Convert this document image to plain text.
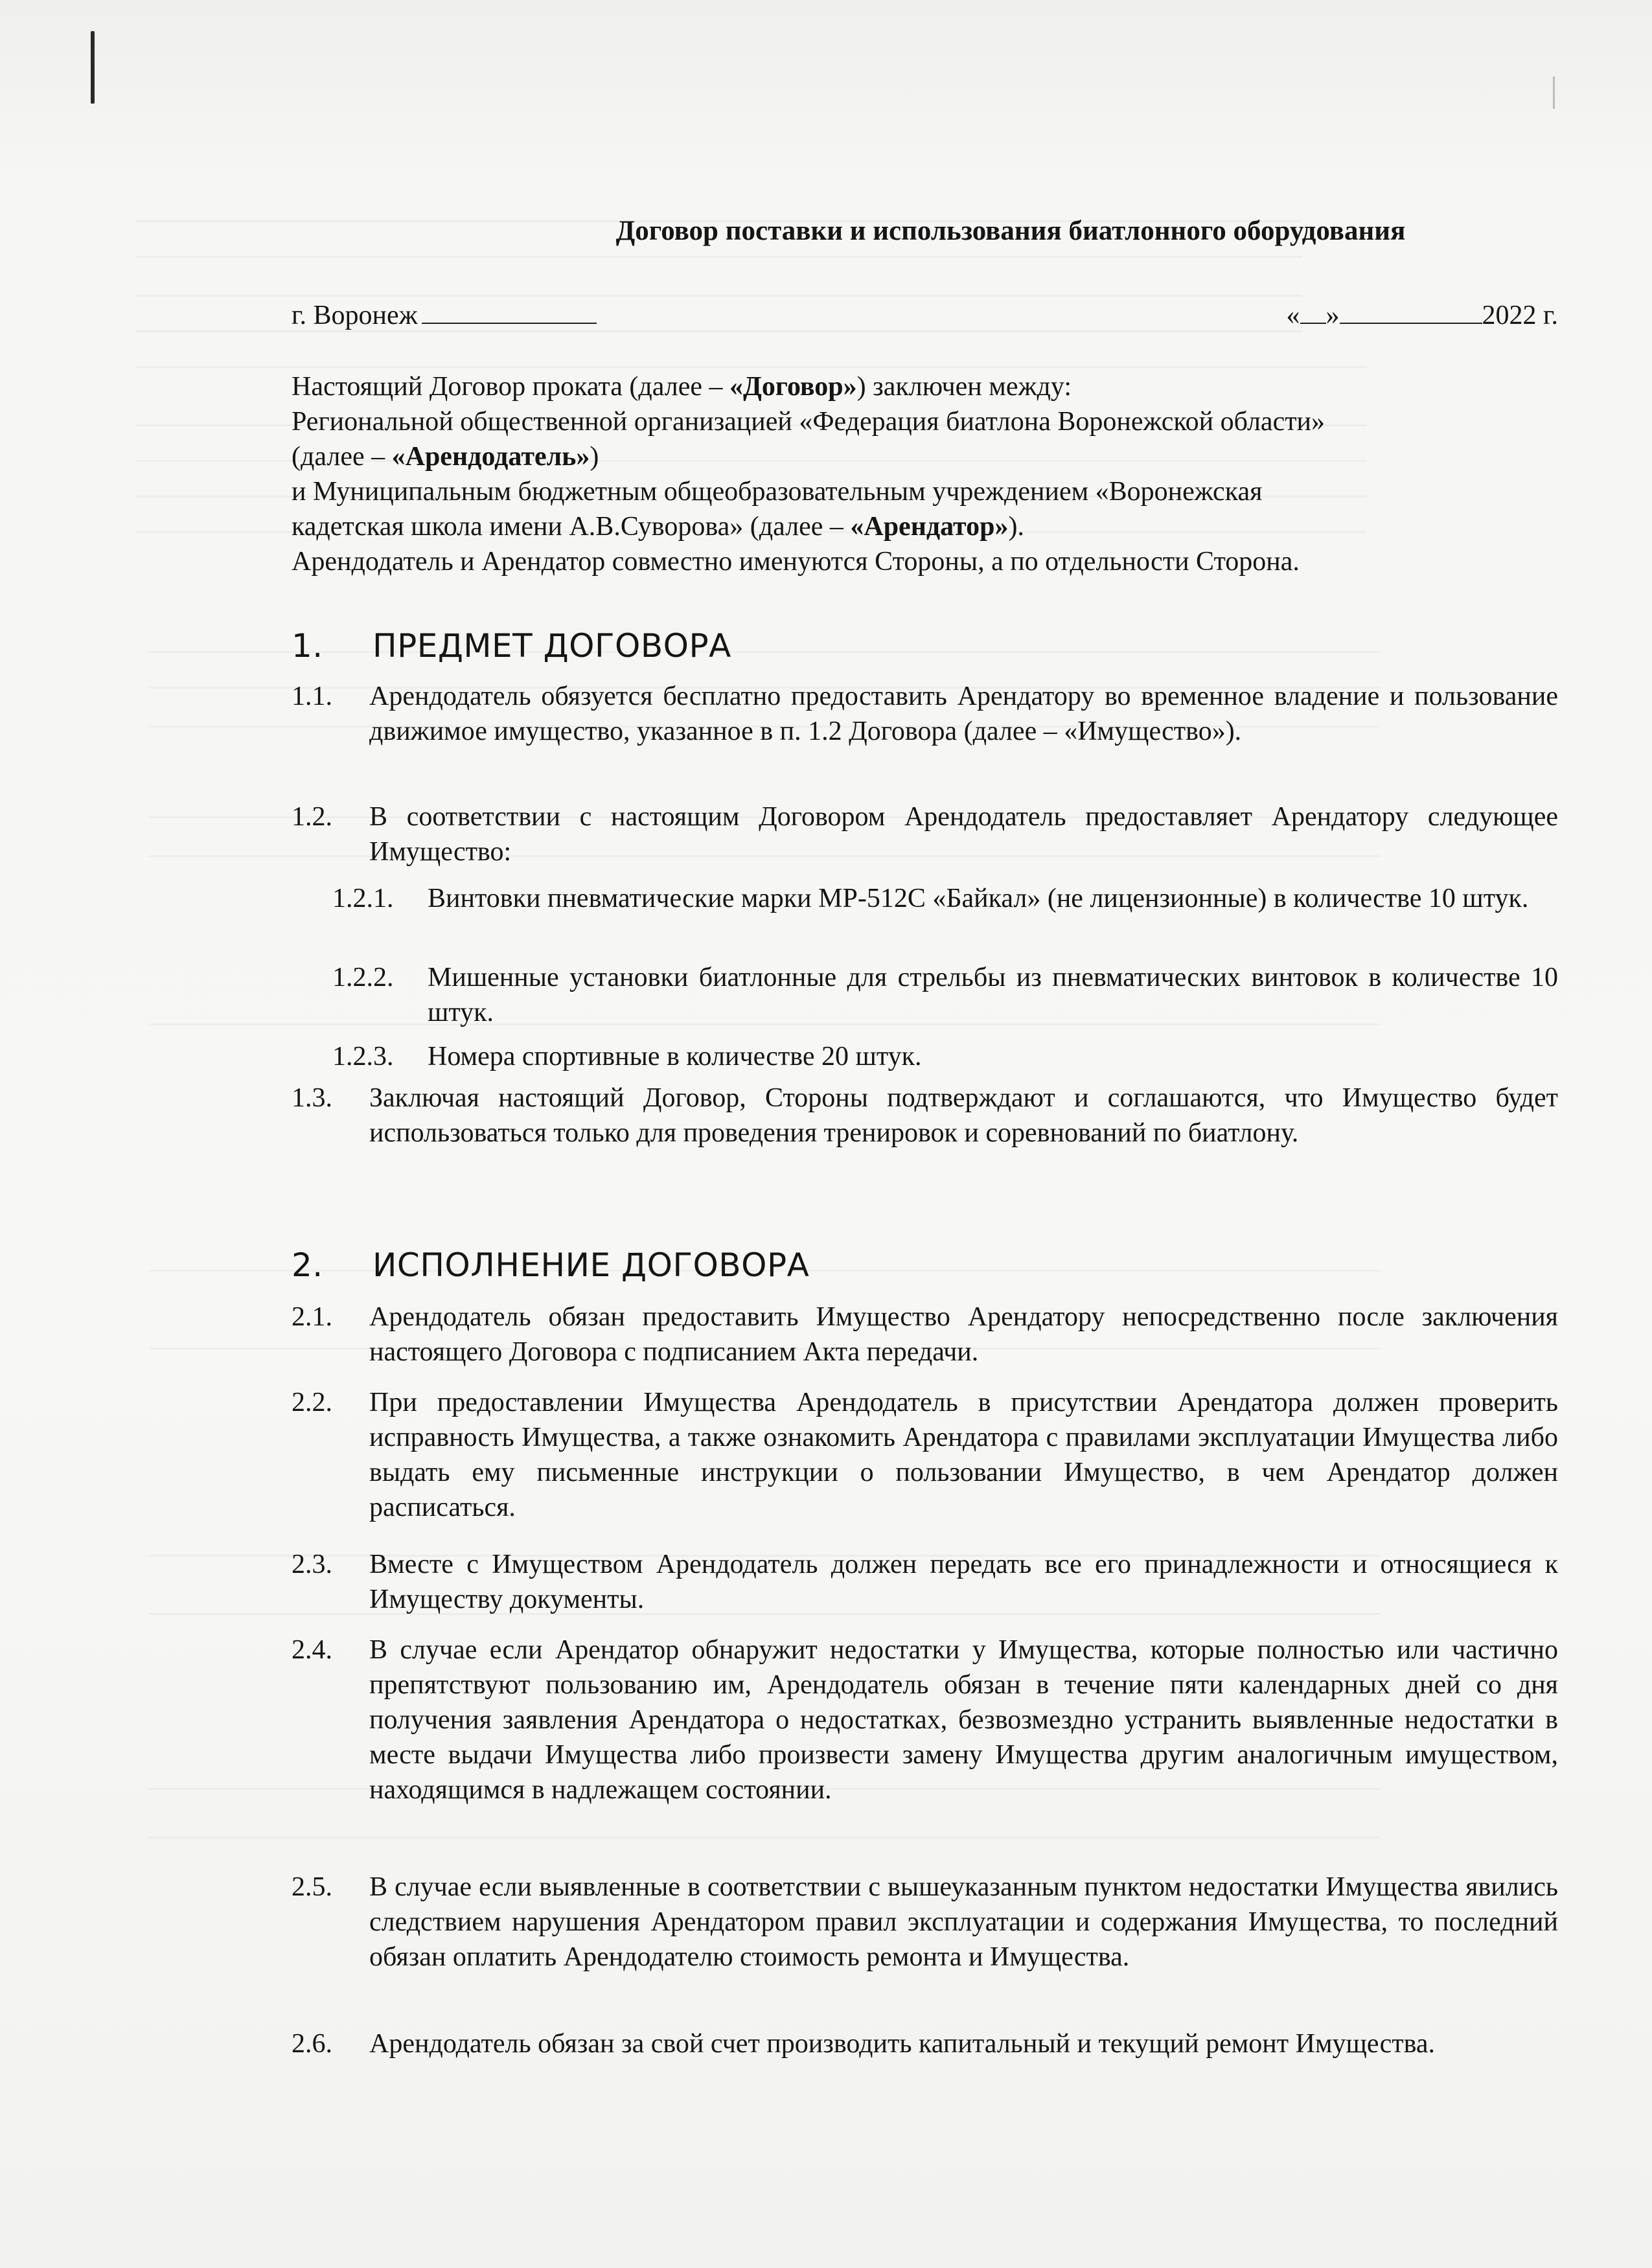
Договор поставки и использования биатлонного оборудования
г. Воронеж	« »	2022 г.

Настоящий Договор проката (далее – «Договор») заключен между:

Региональной общественной организацией «Федерация биатлона Воронежской области»

(далее – «Арендодатель»)

и Муниципальным бюджетным общеобразовательным учреждением «Воронежская

кадетская школа имени А.В.Суворова» (далее – «Арендатор»).

Арендодатель и Арендатор совместно именуются Стороны, а по отдельности Сторона.

1. ПРЕДМЕТ ДОГОВОРА
1.1. Арендодатель обязуется бесплатно предоставить Арендатору во временное владение и пользование движимое имущество, указанное в п. 1.2 Договора (далее – «Имущество»).
1.2. В соответствии с настоящим Договором Арендодатель предоставляет Арендатору следующее Имущество:
1.2.1. Винтовки пневматические марки МР-512С «Байкал» (не лицензионные) в количестве 10 штук.
1.2.2. Мишенные установки биатлонные для стрельбы из пневматических винтовок в количестве 10 штук.
1.2.3. Номера спортивные в количестве 20 штук.
1.3. Заключая настоящий Договор, Стороны подтверждают и соглашаются, что Имущество будет использоваться только для проведения тренировок и соревнований по биатлону.
2. ИСПОЛНЕНИЕ ДОГОВОРА
2.1. Арендодатель обязан предоставить Имущество Арендатору непосредственно после заключения настоящего Договора с подписанием Акта передачи.
2.2. При предоставлении Имущества Арендодатель в присутствии Арендатора должен проверить исправность Имущества, а также ознакомить Арендатора с правилами эксплуатации Имущества либо выдать ему письменные инструкции о пользовании Имущество, в чем Арендатор должен расписаться.
2.3. Вместе с Имуществом Арендодатель должен передать все его принадлежности и относящиеся к Имуществу документы.
2.4. В случае если Арендатор обнаружит недостатки у Имущества, которые полностью или частично препятствуют пользованию им, Арендодатель обязан в течение пяти календарных дней со дня получения заявления Арендатора о недостатках, безвозмездно устранить выявленные недостатки в месте выдачи Имущества либо произвести замену Имущества другим аналогичным имуществом, находящимся в надлежащем состоянии.
2.5. В случае если выявленные в соответствии с вышеуказанным пунктом недостатки Имущества явились следствием нарушения Арендатором правил эксплуатации и содержания Имущества, то последний обязан оплатить Арендодателю стоимость ремонта и Имущества.
2.6. Арендодатель обязан за свой счет производить капитальный и текущий ремонт Имущества.
